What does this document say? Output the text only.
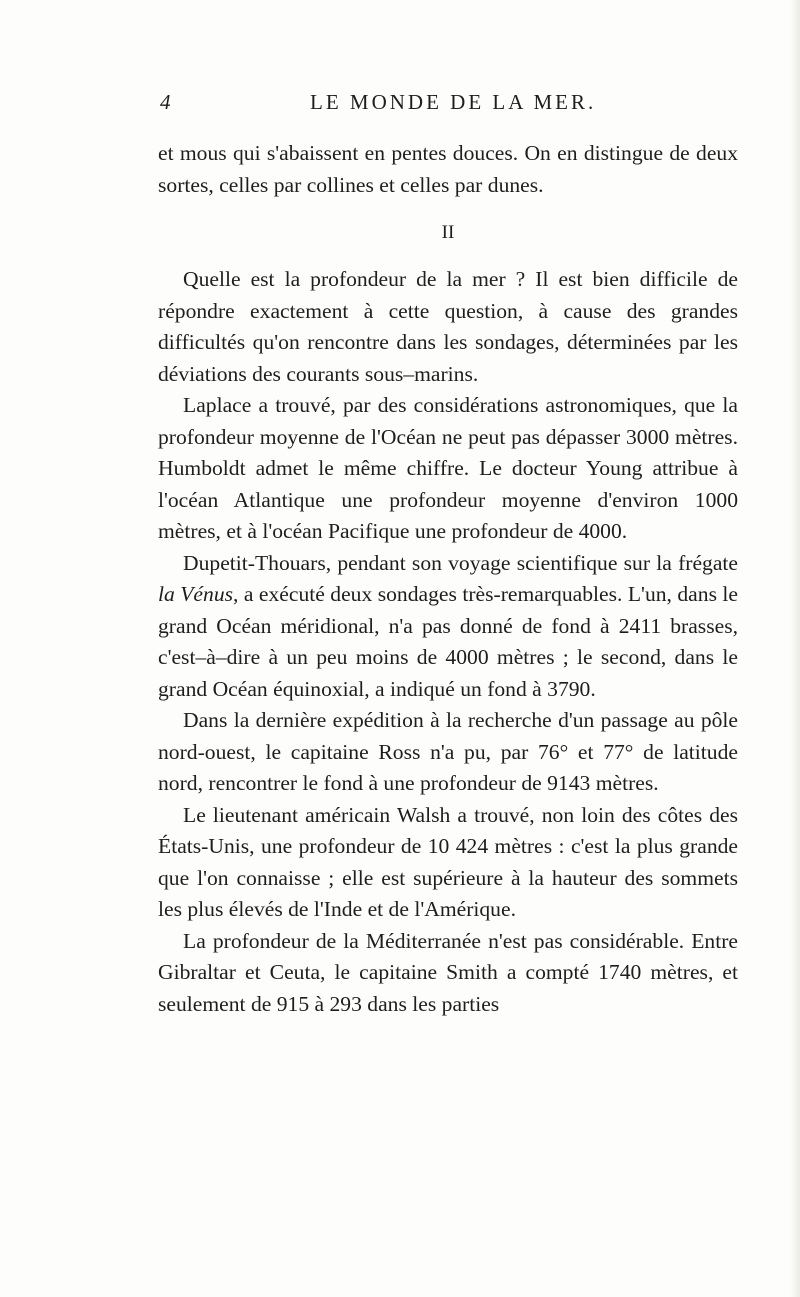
4	LE MONDE DE LA MER.

et mous qui s'abaissent en pentes douces. On en distingue de deux sortes, celles par collines et celles par dunes.

II

Quelle est la profondeur de la mer ? Il est bien difficile de répondre exactement à cette question, à cause des grandes difficultés qu'on rencontre dans les sondages, déterminées par les déviations des courants sous–marins.

Laplace a trouvé, par des considérations astronomiques, que la profondeur moyenne de l'Océan ne peut pas dépasser 3000 mètres. Humboldt admet le même chiffre. Le docteur Young attribue à l'océan Atlantique une profondeur moyenne d'environ 1000 mètres, et à l'océan Pacifique une profondeur de 4000.

Dupetit-Thouars, pendant son voyage scientifique sur la frégate la Vénus, a exécuté deux sondages très-remarquables. L'un, dans le grand Océan méridional, n'a pas donné de fond à 2411 brasses, c'est–à–dire à un peu moins de 4000 mètres ; le second, dans le grand Océan équinoxial, a indiqué un fond à 3790.

Dans la dernière expédition à la recherche d'un passage au pôle nord-ouest, le capitaine Ross n'a pu, par 76° et 77° de latitude nord, rencontrer le fond à une profondeur de 9143 mètres.

Le lieutenant américain Walsh a trouvé, non loin des côtes des États-Unis, une profondeur de 10 424 mètres : c'est la plus grande que l'on connaisse ; elle est supérieure à la hauteur des sommets les plus élevés de l'Inde et de l'Amérique.

La profondeur de la Méditerranée n'est pas considérable. Entre Gibraltar et Ceuta, le capitaine Smith a compté 1740 mètres, et seulement de 915 à 293 dans les parties
